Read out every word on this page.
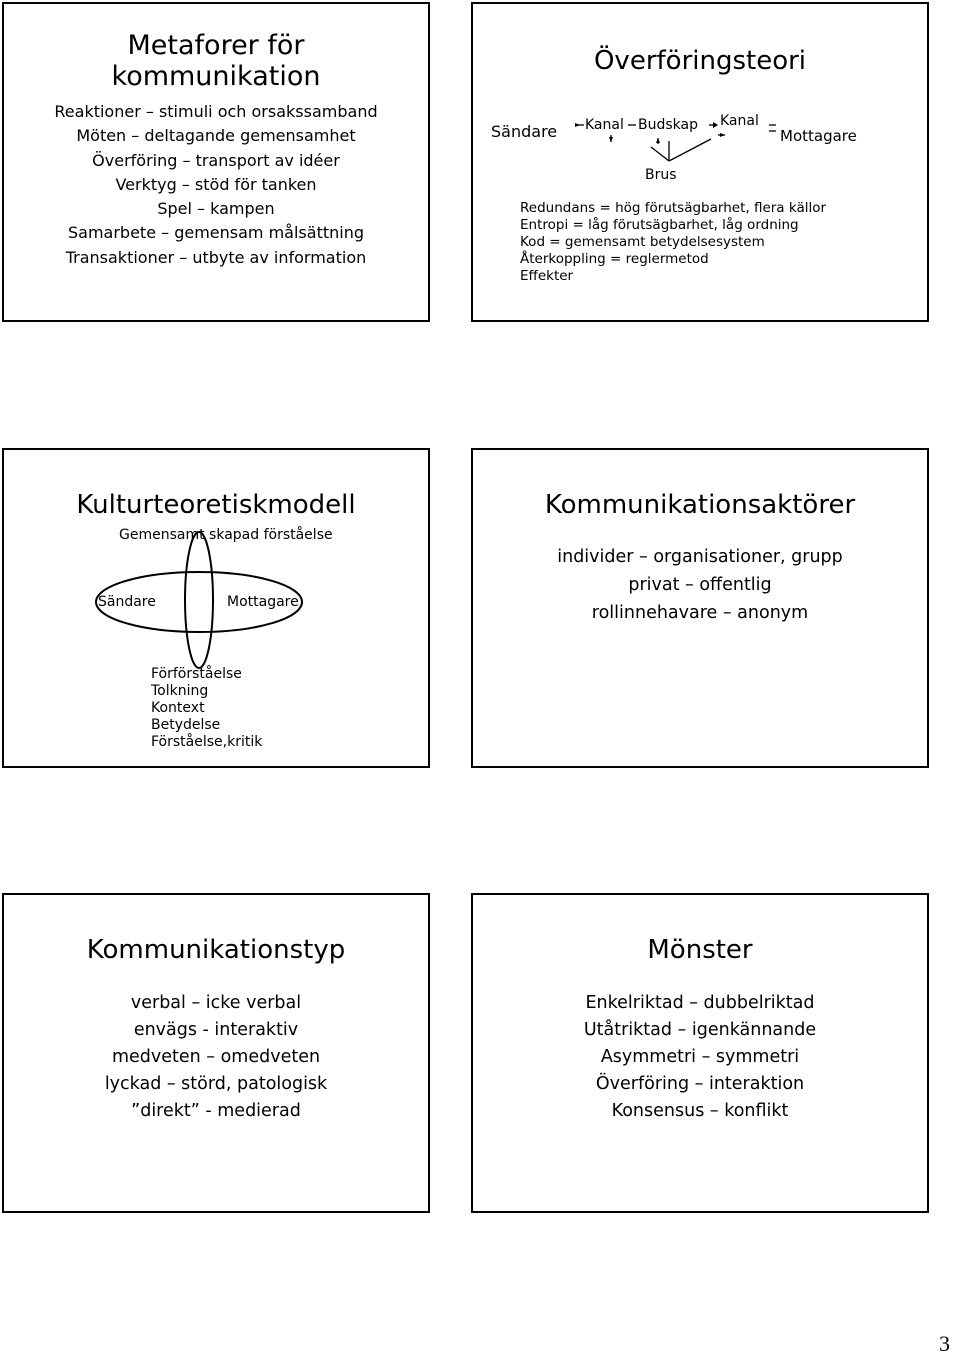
Metaforer för
kommunikation
Reaktioner – stimuli och orsakssamband
Möten – deltagande gemensamhet
Överföring – transport av idéer
Verktyg – stöd för tanken
Spel – kampen
Samarbete – gemensam målsättning
Transaktioner – utbyte av information
Överföringsteori
Sändare Kanal Budskap Kanal
Mottagare
Brus
Redundans = hög förutsägbarhet, flera källor
Entropi = låg förutsägbarhet, låg ordning
Kod = gemensamt betydelsesystem
Återkoppling = reglermetod
Effekter
Kulturteoretiskmodell
Gemensamt skapad förståelse
Sändare	Mottagare
Förförståelse
Tolkning
Kontext
Betydelse
Förståelse,kritik
Kommunikationsaktörer
individer – organisationer, grupp
privat – offentlig
rollinnehavare – anonym
Kommunikationstyp
verbal – icke verbal
envägs - interaktiv
medveten – omedveten
lyckad – störd, patologisk
”direkt” - medierad
Mönster
Enkelriktad – dubbelriktad
Utåtriktad – igenkännande
Asymmetri – symmetri
Överföring – interaktion
Konsensus – konflikt
3
